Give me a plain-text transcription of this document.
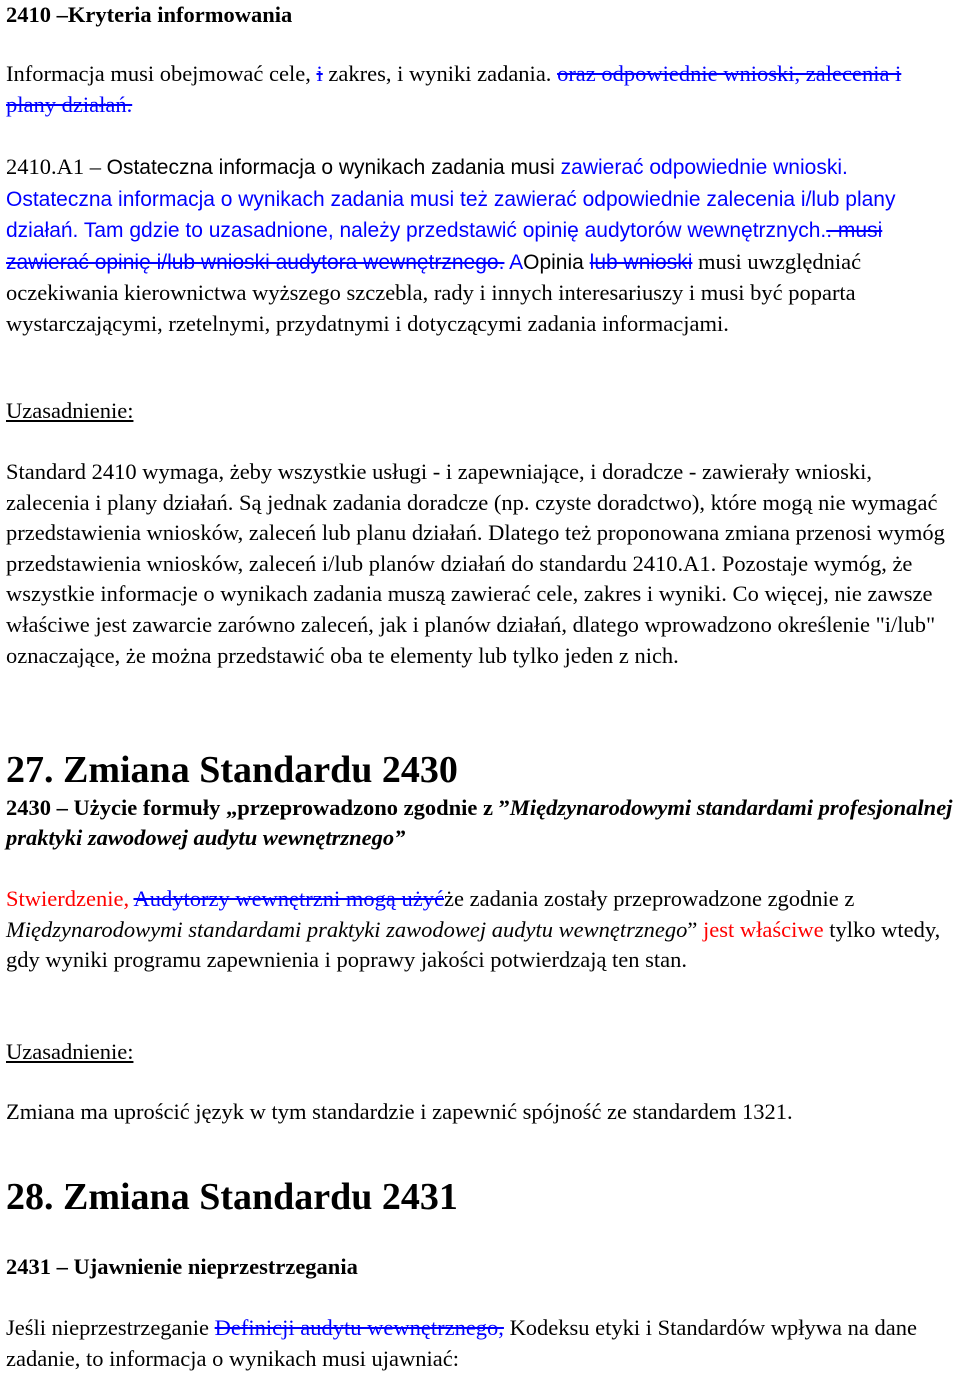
2410 –Kryteria informowania

Informacja musi obejmować cele, i zakres, i wyniki zadania. oraz odpowiednie wnioski, zalecenia i plany działań.

2410.A1 – Ostateczna informacja o wynikach zadania musi zawierać odpowiednie wnioski. Ostateczna informacja o wynikach zadania musi też zawierać odpowiednie zalecenia i/lub plany działań. Tam gdzie to uzasadnione, należy przedstawić opinię audytorów wewnętrznych.. musi zawierać opinię i/lub wnioski audytora wewnętrznego. AOpinia lub wnioski musi uwzględniać oczekiwania kierownictwa wyższego szczebla, rady i innych interesariuszy i musi być poparta wystarczającymi, rzetelnymi, przydatnymi i dotyczącymi zadania informacjami.

Uzasadnienie:

Standard 2410 wymaga, żeby wszystkie usługi - i zapewniające, i doradcze - zawierały wnioski, zalecenia i plany działań. Są jednak zadania doradcze (np. czyste doradctwo), które mogą nie wymagać przedstawienia wniosków, zaleceń lub planu działań. Dlatego też proponowana zmiana przenosi wymóg przedstawienia wniosków, zaleceń i/lub planów działań do standardu 2410.A1. Pozostaje wymóg, że wszystkie informacje o wynikach zadania muszą zawierać cele, zakres i wyniki. Co więcej, nie zawsze właściwe jest zawarcie zarówno zaleceń, jak i planów działań, dlatego wprowadzono określenie "i/lub" oznaczające, że można przedstawić oba te elementy lub tylko jeden z nich.

27. Zmiana Standardu 2430
2430 – Użycie formuły „przeprowadzono zgodnie z ”Międzynarodowymi standardami profesjonalnej praktyki zawodowej audytu wewnętrznego”

Stwierdzenie, Audytorzy wewnętrzni mogą użyćże zadania zostały przeprowadzone zgodnie z Międzynarodowymi standardami praktyki zawodowej audytu wewnętrznego” jest właściwe tylko wtedy, gdy wyniki programu zapewnienia i poprawy jakości potwierdzają ten stan.

Uzasadnienie:

Zmiana ma uprościć język w tym standardzie i zapewnić spójność ze standardem 1321.

28. Zmiana Standardu 2431
2431 – Ujawnienie nieprzestrzegania

Jeśli nieprzestrzeganie Definicji audytu wewnętrznego, Kodeksu etyki i Standardów wpływa na dane zadanie, to informacja o wynikach musi ujawniać:
